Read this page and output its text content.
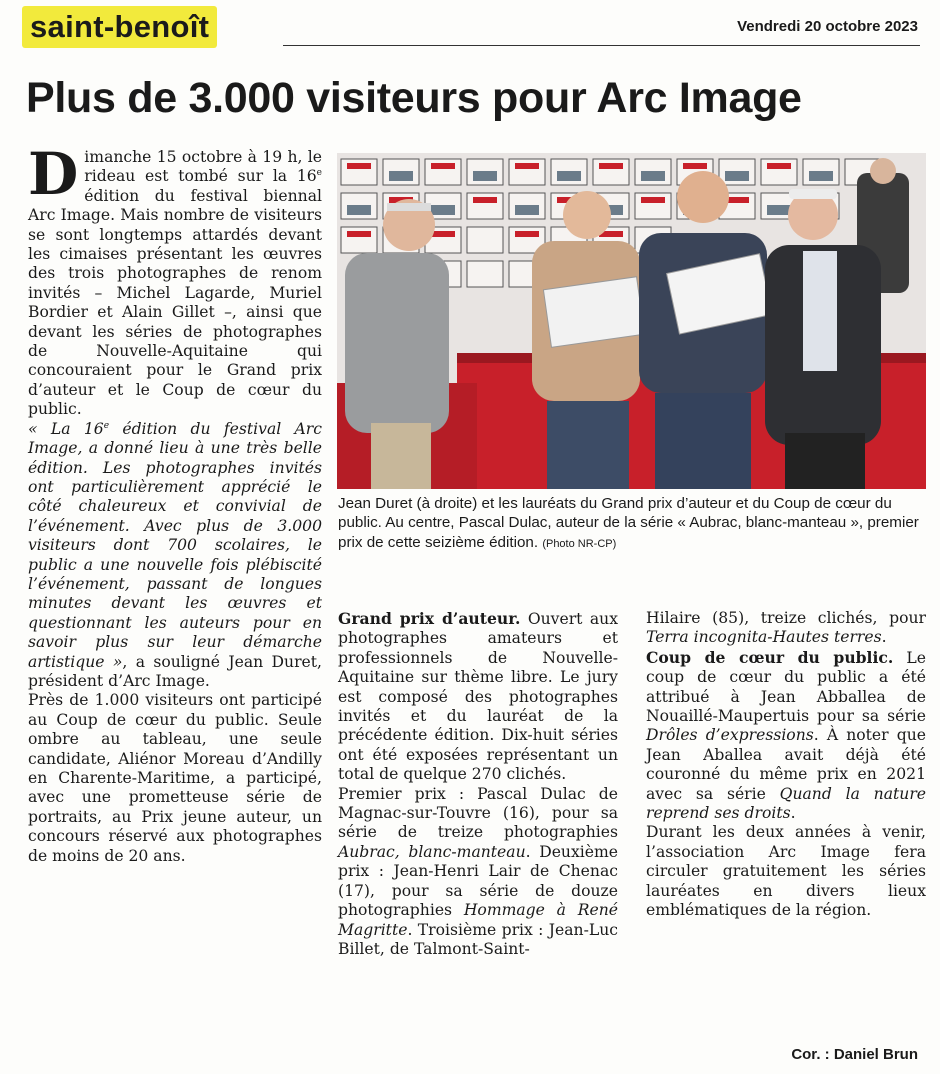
saint-benoît	Vendredi 20 octobre 2023
Plus de 3.000 visiteurs pour Arc Image

Dimanche 15 octobre à 19 h, le rideau est tombé sur la 16e édition du festival biennal Arc Image. Mais nombre de visiteurs se sont longtemps attardés devant les cimaises présentant les œuvres des trois photographes de renom invités – Michel Lagarde, Muriel Bordier et Alain Gillet –, ainsi que devant les séries de photographes de Nouvelle-Aquitaine qui concouraient pour le Grand prix d’auteur et le Coup de cœur du public.

« La 16e édition du festival Arc Image, a donné lieu à une très belle édition. Les photographes invités ont particulièrement apprécié le côté chaleureux et convivial de l’événement. Avec plus de 3.000 visiteurs dont 700 scolaires, le public a une nouvelle fois plébiscité l’événement, passant de longues minutes devant les œuvres et questionnant les auteurs pour en savoir plus sur leur démarche artistique », a souligné Jean Duret, président d’Arc Image.

Près de 1.000 visiteurs ont participé au Coup de cœur du public. Seule ombre au tableau, une seule candidate, Aliénor Moreau d’Andilly en Charente-Maritime, a participé, avec une prometteuse série de portraits, au Prix jeune auteur, un concours réservé aux photographes de moins de 20 ans.

Jean Duret (à droite) et les lauréats du Grand prix d’auteur et du Coup de cœur du public. Au centre, Pascal Dulac, auteur de la série « Aubrac, blanc-manteau », premier prix de cette seizième édition. (Photo NR-CP)

Grand prix d’auteur. Ouvert aux photographes amateurs et professionnels de Nouvelle-Aquitaine sur thème libre. Le jury est composé des photographes invités et du lauréat de la précédente édition. Dix-huit séries ont été exposées représentant un total de quelque 270 clichés.

Premier prix : Pascal Dulac de Magnac-sur-Touvre (16), pour sa série de treize photographies Aubrac, blanc-manteau. Deuxième prix : Jean-Henri Lair de Chenac (17), pour sa série de douze photographies Hommage à René Magritte. Troisième prix : Jean-Luc Billet, de Talmont-Saint-

Hilaire (85), treize clichés, pour Terra incognita-Hautes terres.

Coup de cœur du public. Le coup de cœur du public a été attribué à Jean Abballea de Nouaillé-Maupertuis pour sa série Drôles d’expressions. À noter que Jean Aballea avait déjà été couronné du même prix en 2021 avec sa série Quand la nature reprend ses droits.

Durant les deux années à venir, l’association Arc Image fera circuler gratuitement les séries lauréates en divers lieux emblématiques de la région.

Cor. : Daniel Brun
